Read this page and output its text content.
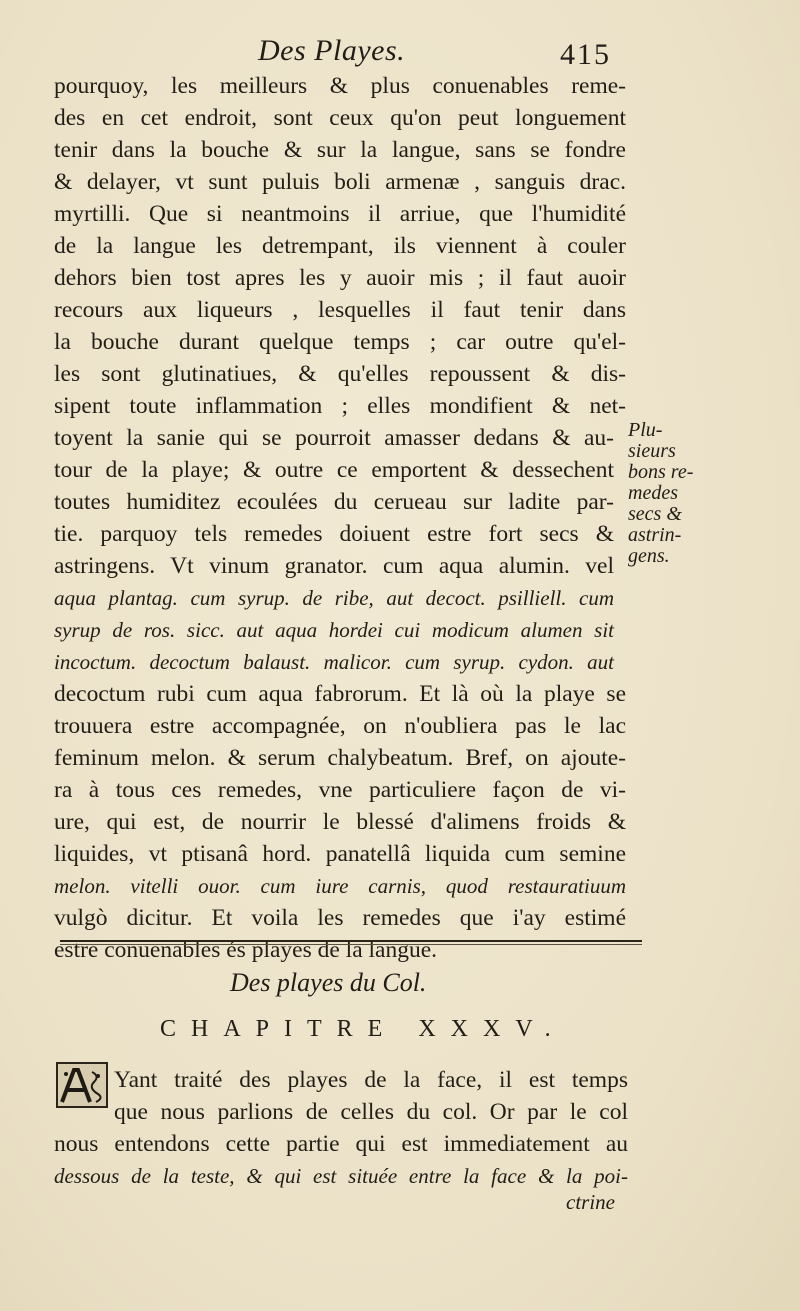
Des Playes.	415
pourquoy, les meilleurs & plus conuenables reme-
des en cet endroit, sont ceux qu'on peut longuement
tenir dans la bouche & sur la langue, sans se fondre
& delayer, vt sunt puluis boli armenæ , sanguis drac.
myrtilli. Que si neantmoins il arriue, que l'humidité
de la langue les detrempant, ils viennent à couler
dehors bien tost apres les y auoir mis ; il faut auoir
recours aux liqueurs , lesquelles il faut tenir dans
la bouche durant quelque temps ; car outre qu'el-
les sont glutinatiues, & qu'elles repoussent & dis-
sipent toute inflammation ; elles mondifient & net-
toyent la sanie qui se pourroit amasser dedans & au-
tour de la playe; & outre ce emportent & dessechent
toutes humiditez ecoulées du cerueau sur ladite par-
tie. parquoy tels remedes doiuent estre fort secs &
astringens. Vt vinum granator. cum aqua alumin. vel
aqua plantag. cum syrup. de ribe, aut decoct. psilliell. cum
syrup de ros. sicc. aut aqua hordei cui modicum alumen sit
incoctum. decoctum balaust. malicor. cum syrup. cydon. aut
decoctum rubi cum aqua fabrorum. Et là où la playe se
trouuera estre accompagnée, on n'oubliera pas le lac
feminum melon. & serum chalybeatum. Bref, on ajoute-
ra à tous ces remedes, vne particuliere façon de vi-
ure, qui est, de nourrir le blessé d'alimens froids &
liquides, vt ptisanâ hord. panatellâ liquida cum semine
melon. vitelli ouor. cum iure carnis, quod restauratiuum
vulgò dicitur. Et voila les remedes que i'ay estimé
estre conuenables és playes de la langue.
Plu-
sieurs
bons re-
medes
secs &
astrin-
gens.
Des playes du Col.
CHAPITRE XXXV.
Yant traité des playes de la face, il est temps
que nous parlions de celles du col. Or par le col
nous entendons cette partie qui est immediatement au
dessous de la teste, & qui est située entre la face & la poi-
ctrine
